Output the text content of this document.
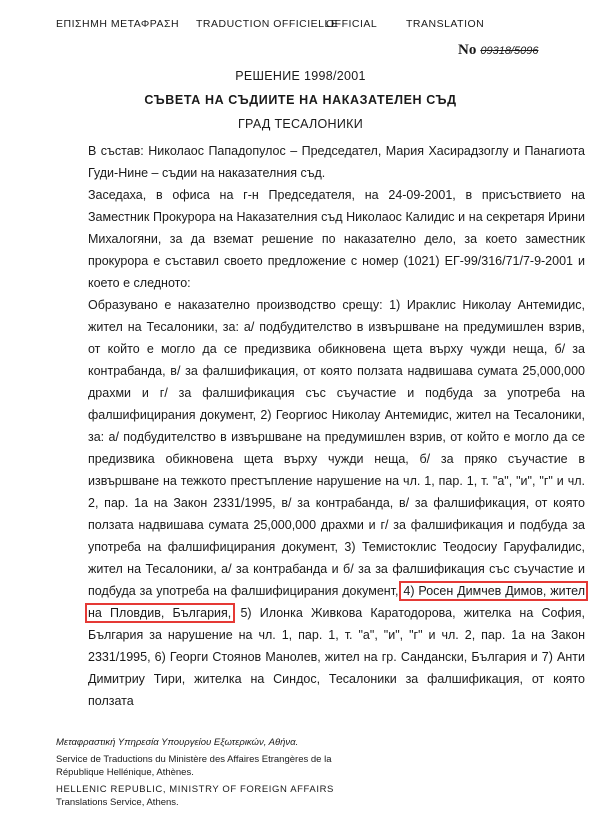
ΕΠΙΣΗΜΗ ΜΕΤΑΦΡΑΣΗ TRADUCTION OFFICIELLE
OFFICIAL	TRANSLATION
No 09318/5096
РЕШЕНИЕ 1998/2001
СЪВЕТА НА СЪДИИТЕ НА НАКАЗАТЕЛЕН СЪД
ГРАД ТЕСАЛОНИКИ

В състав: Николаос Пападопулос – Председател, Мария Хасирадзоглу и Панагиота Гуди-Нине – съдии на наказателния съд.

Заседаха, в офиса на г-н Председателя, на 24-09-2001, в присъствието на Заместник Прокурора на Наказателния съд Николаос Калидис и на секретаря Ирини Михалогяни, за да вземат решение по наказателно дело, за което заместник прокурора е съставил своето предложение с номер (1021) ЕГ-99/316/71/7-9-2001 и което е следното:

Образувано е наказателно производство срещу: 1) Ираклис Николау Антемидис, жител на Тесалоники, за: а/ подбудителство в извършване на предумишлен взрив, от който е могло да се предизвика обикновена щета върху чужди неща, б/ за контрабанда, в/ за фалшификация, от която ползата надвишава сумата 25,000,000 драхми и г/ за фалшификация със съучастие и подбуда за употреба на фалшифицирания документ, 2) Георгиос Николау Антемидис, жител на Тесалоники, за: а/ подбудителство в извършване на предумишлен взрив, от който е могло да се предизвика обикновена щета върху чужди неща, б/ за пряко съучастие в извършване на тежкото престъпление нарушение на чл. 1, пар. 1, т. "а", "и", "г" и чл. 2, пар. 1а на Закон 2331/1995, в/ за контрабанда, в/ за фалшификация, от която ползата надвишава сумата 25,000,000 драхми и г/ за фалшификация и подбуда за употреба на фалшифицирания документ, 3) Темистоклис Теодосиу Гаруфалидис, жител на Тесалоники, а/ за контрабанда и б/ за за фалшификация със съучастие и подбуда за употреба на фалшифицирания документ, 4) Росен Димчев Димов, жител на Пловдив, България, 5) Илонка Живкова Каратодорова, жителка на София, България за нарушение на чл. 1, пар. 1, т. "а", "и", "г" и чл. 2, пар. 1а на Закон 2331/1995, 6) Георги Стоянов Манолев, жител на гр. Сандански, България и 7) Анти Димитриу Тири, жителка на Синдос, Тесалоники за фалшификация, от която ползата

Μεταφραστική Υπηρεσία Υπουργείου Εξωτερικών, Αθήνα.
Service de Traductions du Ministère des Affaires Etrangères de la
République Hellénique, Athènes.
HELLENIC REPUBLIC, MINISTRY OF FOREIGN AFFAIRS
Translations Service, Athens.
